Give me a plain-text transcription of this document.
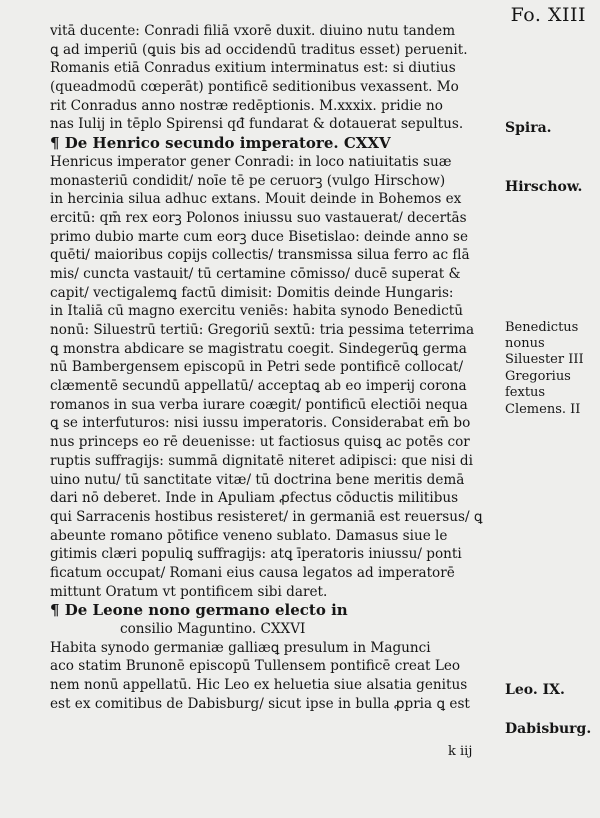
Fo. XIII
vitā ducente: Conradi filiā vxorē duxit. diuino nutu tandem
ꝗ ad imperiū (ꝗuis bis ad occidendū traditus esset) peruenit.
Romanis etiā Conradus exitium interminatus est: si diutius
(queadmodū cœperāt) pontificē seditionibus vexassent. Mo
rit Conradus anno nostræ redēptionis. M.xxxix. pridie no
nas Iulij in tēplo Spirensi qđ fundarat & dotauerat sepultus.
¶ De Henrico secundo imperatore. CXXV
Henricus imperator gener Conradi: in loco natiuitatis suæ
monasteriū condidit/ noīe tē pe ceruorꝫ (vulgo Hirschow)
in hercinia silua adhuc extans. Mouit deinde in Bohemos ex
ercitū: qm̄ rex eorꝫ Polonos iniussu suo vastauerat/ decertās
primo dubio marte cum eorꝫ duce Bisetislao: deinde anno se
quēti/ maioribus copijs collectis/ transmissa silua ferro ac flā
mis/ cuncta vastauit/ tū certamine cōmisso/ ducē superat &
capit/ vectigalemꝗ factū dimisit: Domitis deinde Hungaris:
in Italiā cū magno exercitu veniēs: habita synodo Benedictū
nonū: Siluestrū tertiū: Gregoriū sextū: tria pessima teterrima
ꝗ monstra abdicare se magistratu coegit. Sindegerūꝗ germa
nū Bambergensem episcopū in Petri sede pontificē collocat/
clæmentē secundū appellatū/ acceptaꝗ ab eo imperij corona
romanos in sua verba iurare coægit/ pontificū electiōi nequa
ꝗ se interfuturos: nisi iussu imperatoris. Considerabat em̄ bo
nus princeps eo rē deuenisse: ut factiosus quisꝗ ac potēs cor
ruptis suffragijs: summā dignitatē niteret adipisci: que nisi di
uino nutu/ tū sanctitate vitæ/ tū doctrina bene meritis demā
dari nō deberet. Inde in Apuliam ꝓfectus cōductis militibus
qui Sarracenis hostibus resisteret/ in germaniā est reuersus/ ꝗ
abeunte romano pōtifice veneno sublato. Damasus siue le
gitimis clæri populiꝗ suffragijs: atꝗ īperatoris iniussu/ ponti
ficatum occupat/ Romani eius causa legatos ad imperatorē
mittunt Oratum vt pontificem sibi daret.
¶ De Leone nono germano electo in
consilio Maguntino. CXXVI
Habita synodo germaniæ galliæꝗ presulum in Magunci
aco statim Brunonē episcopū Tullensem pontificē creat Leo
nem nonū appellatū. Hic Leo ex heluetia siue alsatia genitus
est ex comitibus de Dabisburg/ sicut ipse in bulla ꝓpria ꝗ est
Spira.
Hirschow.
Benedictus
nonus
Siluester III
Gregorius
fextus
Clemens. II
Leo. IX.
Dabisburg.
k iij
